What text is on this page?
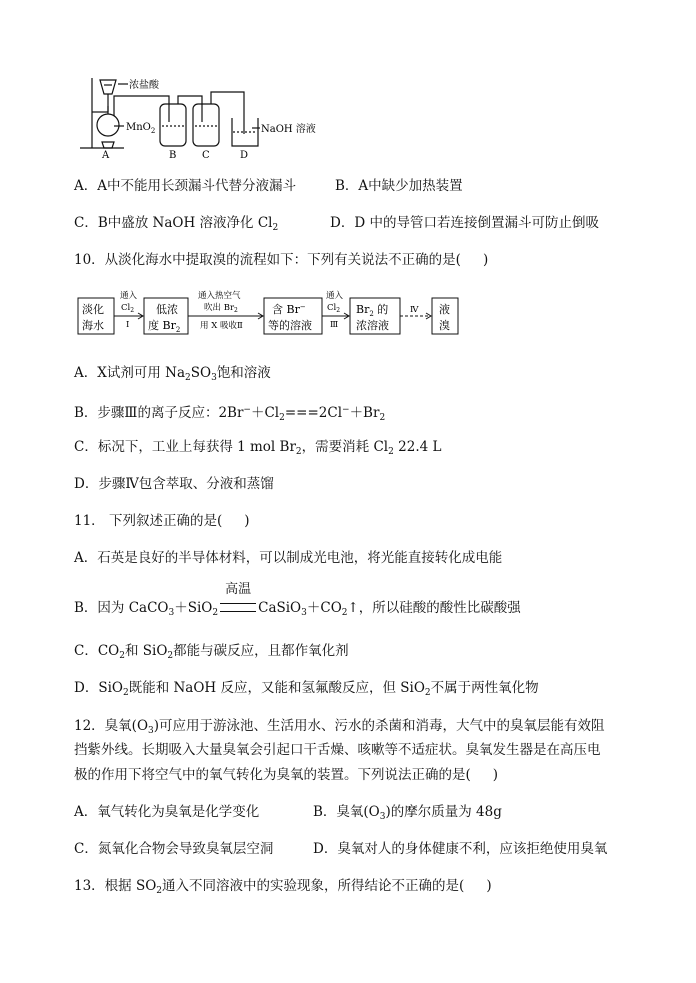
浓盐酸
MnO$_2$	NaOH 溶液
A	B	C	D
A．A中不能用长颈漏斗代替分液漏斗	B．A中缺少加热装置
C．B中盛放 NaOH 溶液净化 $Cl_2$	D．D 中的导管口若连接倒置漏斗可防止倒吸
10．从淡化海水中提取溴的流程如下：下列有关说法不正确的是( )
淡化
海水
低浓
度 $Br_2$
含 Br−
等的溶液
$Br_2$ 的
浓溶液
液
溴
通入
$Cl_2$
Ⅰ
通入热空气
吹出 $Br_2$
用 X 吸收Ⅱ
通入
$Cl_2$
Ⅲ
Ⅳ
A．X试剂可用 $Na_2SO_3$饱和溶液
B．步骤Ⅲ的离子反应：$2Br^-+Cl_2===2Cl^-+Br_2$
C．标况下，工业上每获得 1 mol $Br_2$，需要消耗 $Cl_2$ 22.4 L
D．步骤Ⅳ包含萃取、分液和蒸馏
11． 下列叙述正确的是( )
A．石英是良好的半导体材料，可以制成光电池，将光能直接转化成电能
B．因为 CaCO$_3$＋SiO$_2$
高温
$CaSiO_3+CO_2↑$，所以硅酸的酸性比碳酸强
C．$CO_2$和 SiO$_2$都能与碳反应，且都作氧化剂
D．SiO$_2$既能和 NaOH 反应，又能和氢氟酸反应，但 SiO$_2$不属于两性氧化物
12．臭氧$(O_3)$可应用于游泳池、生活用水、污水的杀菌和消毒，大气中的臭氧层能有效阻
挡紫外线。长期吸入大量臭氧会引起口干舌燥、咳嗽等不适症状。臭氧发生器是在高压电
极的作用下将空气中的氧气转化为臭氧的装置。下列说法正确的是( )
A．氧气转化为臭氧是化学变化	B．臭氧$(O_3)$的摩尔质量为 48g
C．氮氧化合物会导致臭氧层空洞	D．臭氧对人的身体健康不利，应该拒绝使用臭氧
13．根据 $SO_2$通入不同溶液中的实验现象，所得结论不正确的是( )
